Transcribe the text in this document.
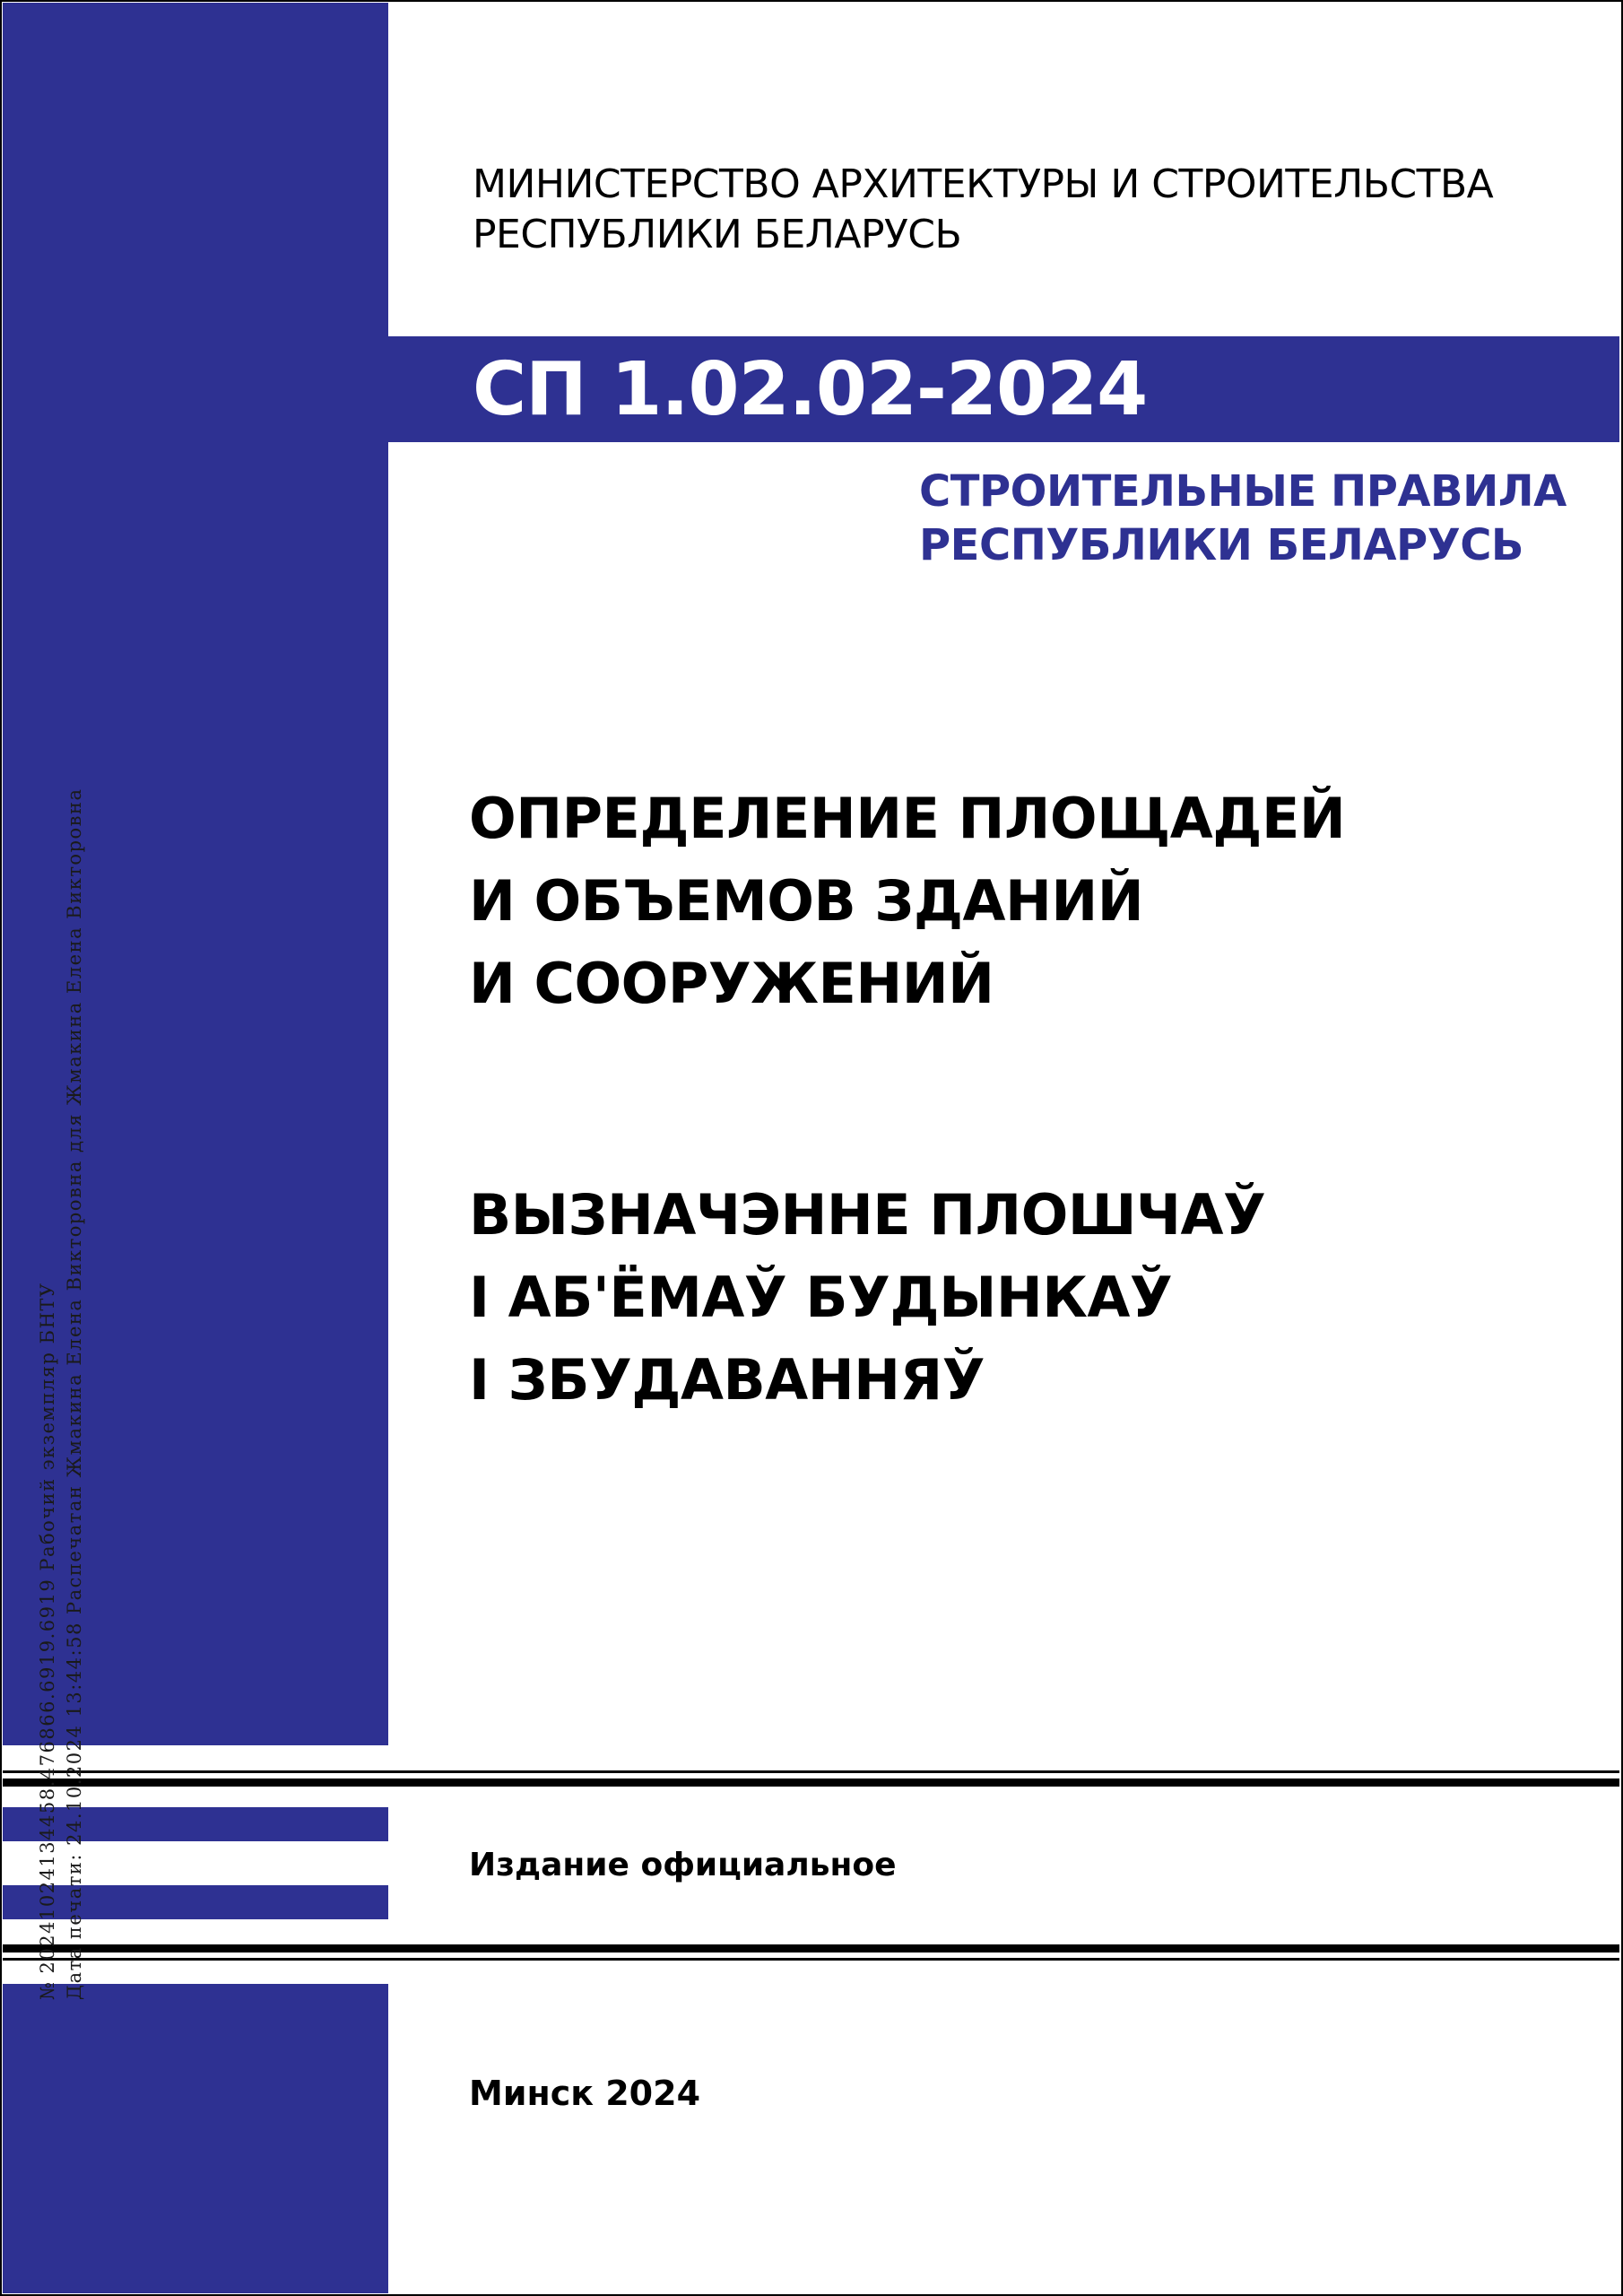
МИНИСТЕРСТВО АРХИТЕКТУРЫ И СТРОИТЕЛЬСТВА
РЕСПУБЛИКИ БЕЛАРУСЬ
СП 1.02.02-2024
СТРОИТЕЛЬНЫЕ ПРАВИЛА
РЕСПУБЛИКИ БЕЛАРУСЬ
ОПРЕДЕЛЕНИЕ ПЛОЩАДЕЙ
И ОБЪЕМОВ ЗДАНИЙ
И СООРУЖЕНИЙ
ВЫЗНАЧЭННЕ ПЛОШЧАЎ
І АБ'ЁМАЎ БУДЫНКАЎ
І ЗБУДАВАННЯЎ
Издание официальное
Минск 2024
№ 20241024134458.476866.6919.6919 Рабочий экземпляр БНТУ Дата печати: 24.10.2024 13:44:58 Распечатан Жмакина Елена Викторовна для Жмакина Елена Викторовна
